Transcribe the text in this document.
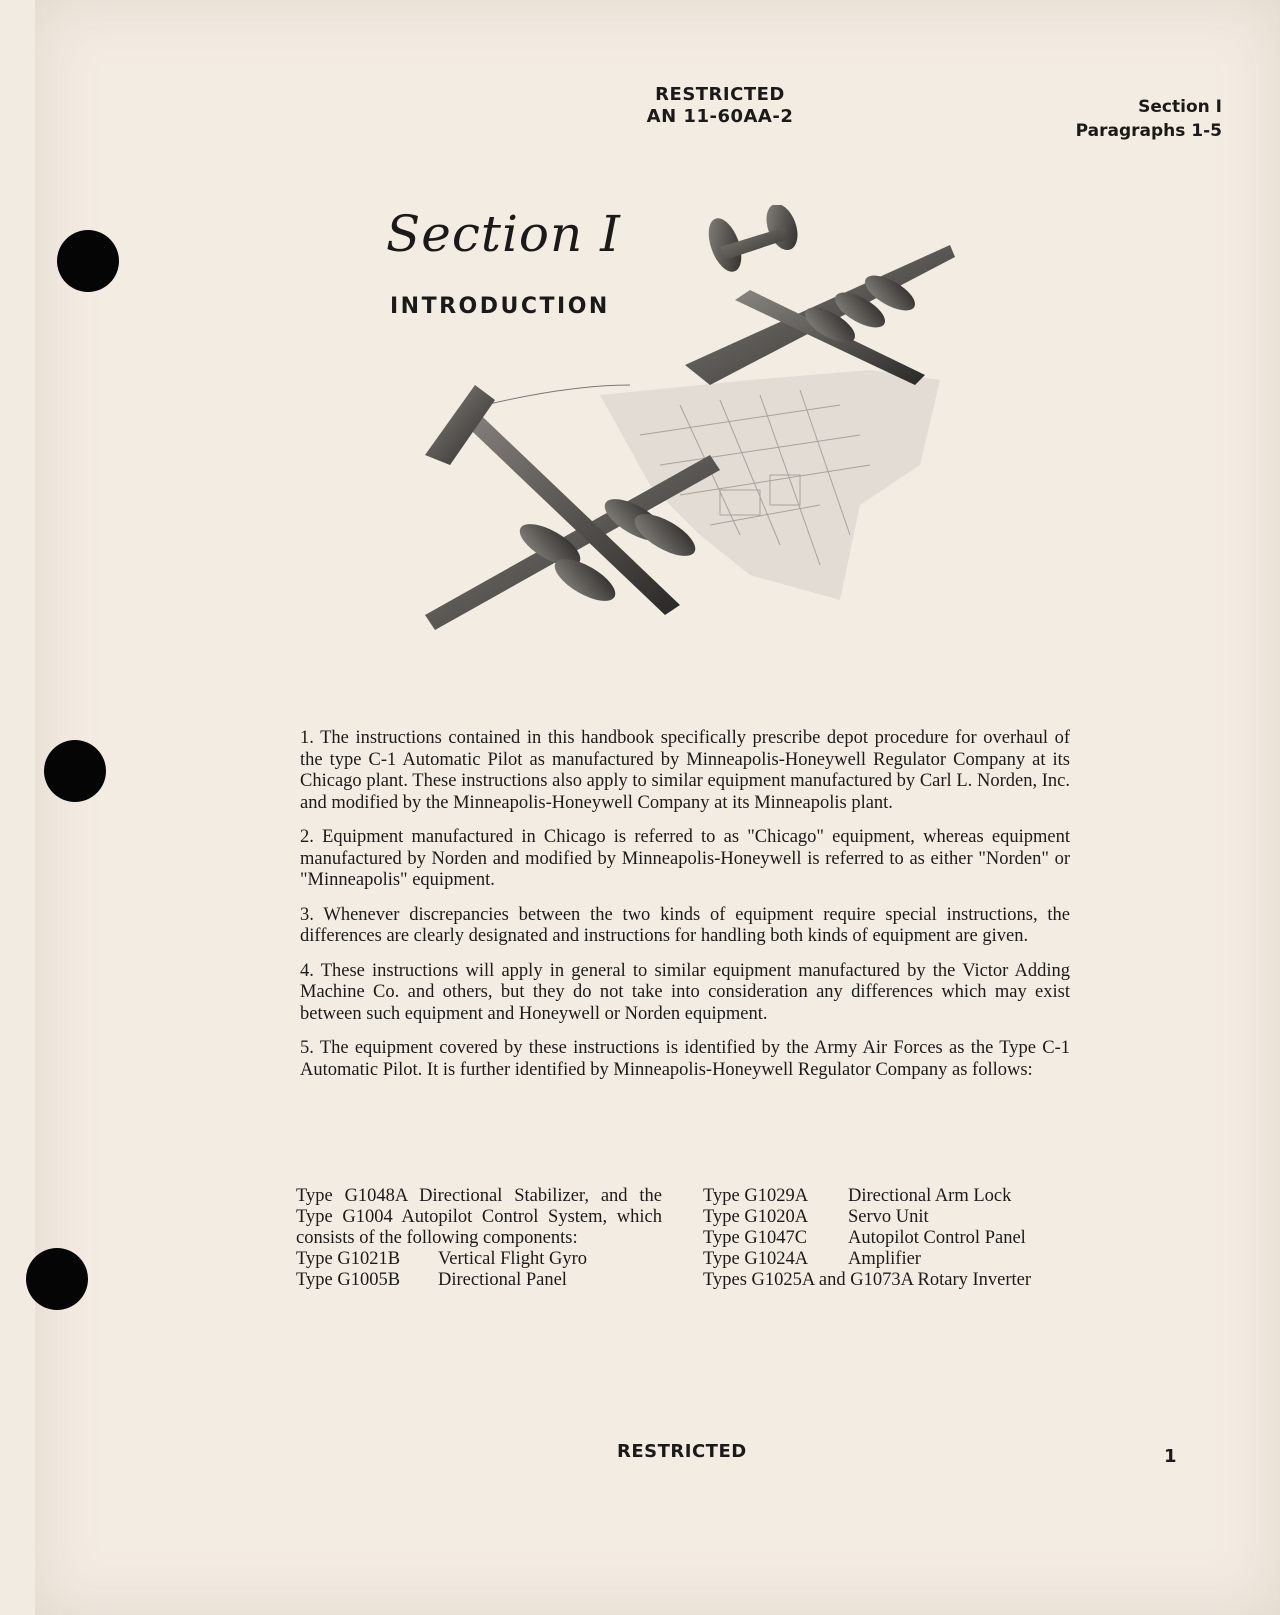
RESTRICTED
AN 11-60AA-2	Section I
Paragraphs 1-5
Section I
INTRODUCTION

1. The instructions contained in this handbook specifically prescribe depot procedure for overhaul of the type C-1 Automatic Pilot as manufactured by Minneapolis-Honeywell Regulator Company at its Chicago plant. These instructions also apply to similar equipment manufactured by Carl L. Norden, Inc. and modified by the Minneapolis-Honeywell Company at its Minneapolis plant.

2. Equipment manufactured in Chicago is referred to as "Chicago" equipment, whereas equipment manufactured by Norden and modified by Minneapolis-Honeywell is referred to as either "Norden" or "Minneapolis" equipment.

3. Whenever discrepancies between the two kinds of equipment require special instructions, the differences are clearly designated and instructions for handling both kinds of equipment are given.

4. These instructions will apply in general to similar equipment manufactured by the Victor Adding Machine Co. and others, but they do not take into consideration any differences which may exist between such equipment and Honeywell or Norden equipment.

5. The equipment covered by these instructions is identified by the Army Air Forces as the Type C-1 Automatic Pilot. It is further identified by Minneapolis-Honeywell Regulator Company as follows:

Type G1048A Directional Stabilizer, and the Type G1004 Autopilot Control System, which consists of the following components:
Type G1021B	Vertical Flight Gyro
Type G1005B	Directional Panel
Type G1029A	Directional Arm Lock
Type G1020A	Servo Unit
Type G1047C	Autopilot Control Panel
Type G1024A	Amplifier
Types G1025A and G1073A Rotary Inverter
RESTRICTED	1
